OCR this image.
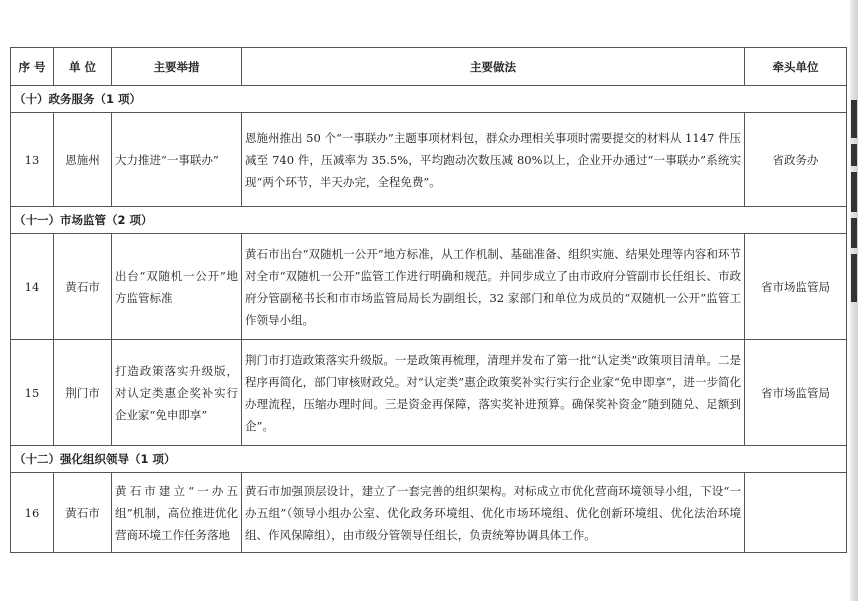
序 号	单 位	主要举措	主要做法	牵头单位
（十）政务服务（1 项）				
13	恩施州	大力推进“一事联办”	恩施州推出 50 个“一事联办”主题事项材料包，群众办理相关事项时需要提交的材料从 1147 件压减至 740 件，压减率为 35.5%，平均跑动次数压减 80%以上，企业开办通过“一事联办”系统实现“两个环节，半天办完，全程免费”。	省政务办
（十一）市场监管（2 项）				
14	黄石市	出台“双随机一公开”地方监管标准	黄石市出台“双随机一公开”地方标准，从工作机制、基础准备、组织实施、结果处理等内容和环节对全市“双随机一公开”监管工作进行明确和规范。并同步成立了由市政府分管副市长任组长、市政府分管副秘书长和市市场监管局局长为副组长，32 家部门和单位为成员的“双随机一公开”监管工作领导小组。	省市场监管局
15	荆门市	打造政策落实升级版，对认定类惠企奖补实行企业家“免申即享”	荆门市打造政策落实升级版。一是政策再梳理，清理并发布了第一批“认定类”政策项目清单。二是程序再简化，部门审核财政兑。对“认定类”惠企政策奖补实行实行企业家“免申即享”，进一步简化办理流程，压缩办理时间。三是资金再保障，落实奖补进预算。确保奖补资金“随到随兑、足额到企”。	省市场监管局
（十二）强化组织领导（1 项）				
16	黄石市	黄石市建立“一办五组”机制，高位推进优化营商环境工作任务落地	黄石市加强顶层设计，建立了一套完善的组织架构。对标成立市优化营商环境领导小组，下设“一办五组”（领导小组办公室、优化政务环境组、优化市场环境组、优化创新环境组、优化法治环境组、作风保障组），由市级分管领导任组长，负责统筹协调具体工作。	
